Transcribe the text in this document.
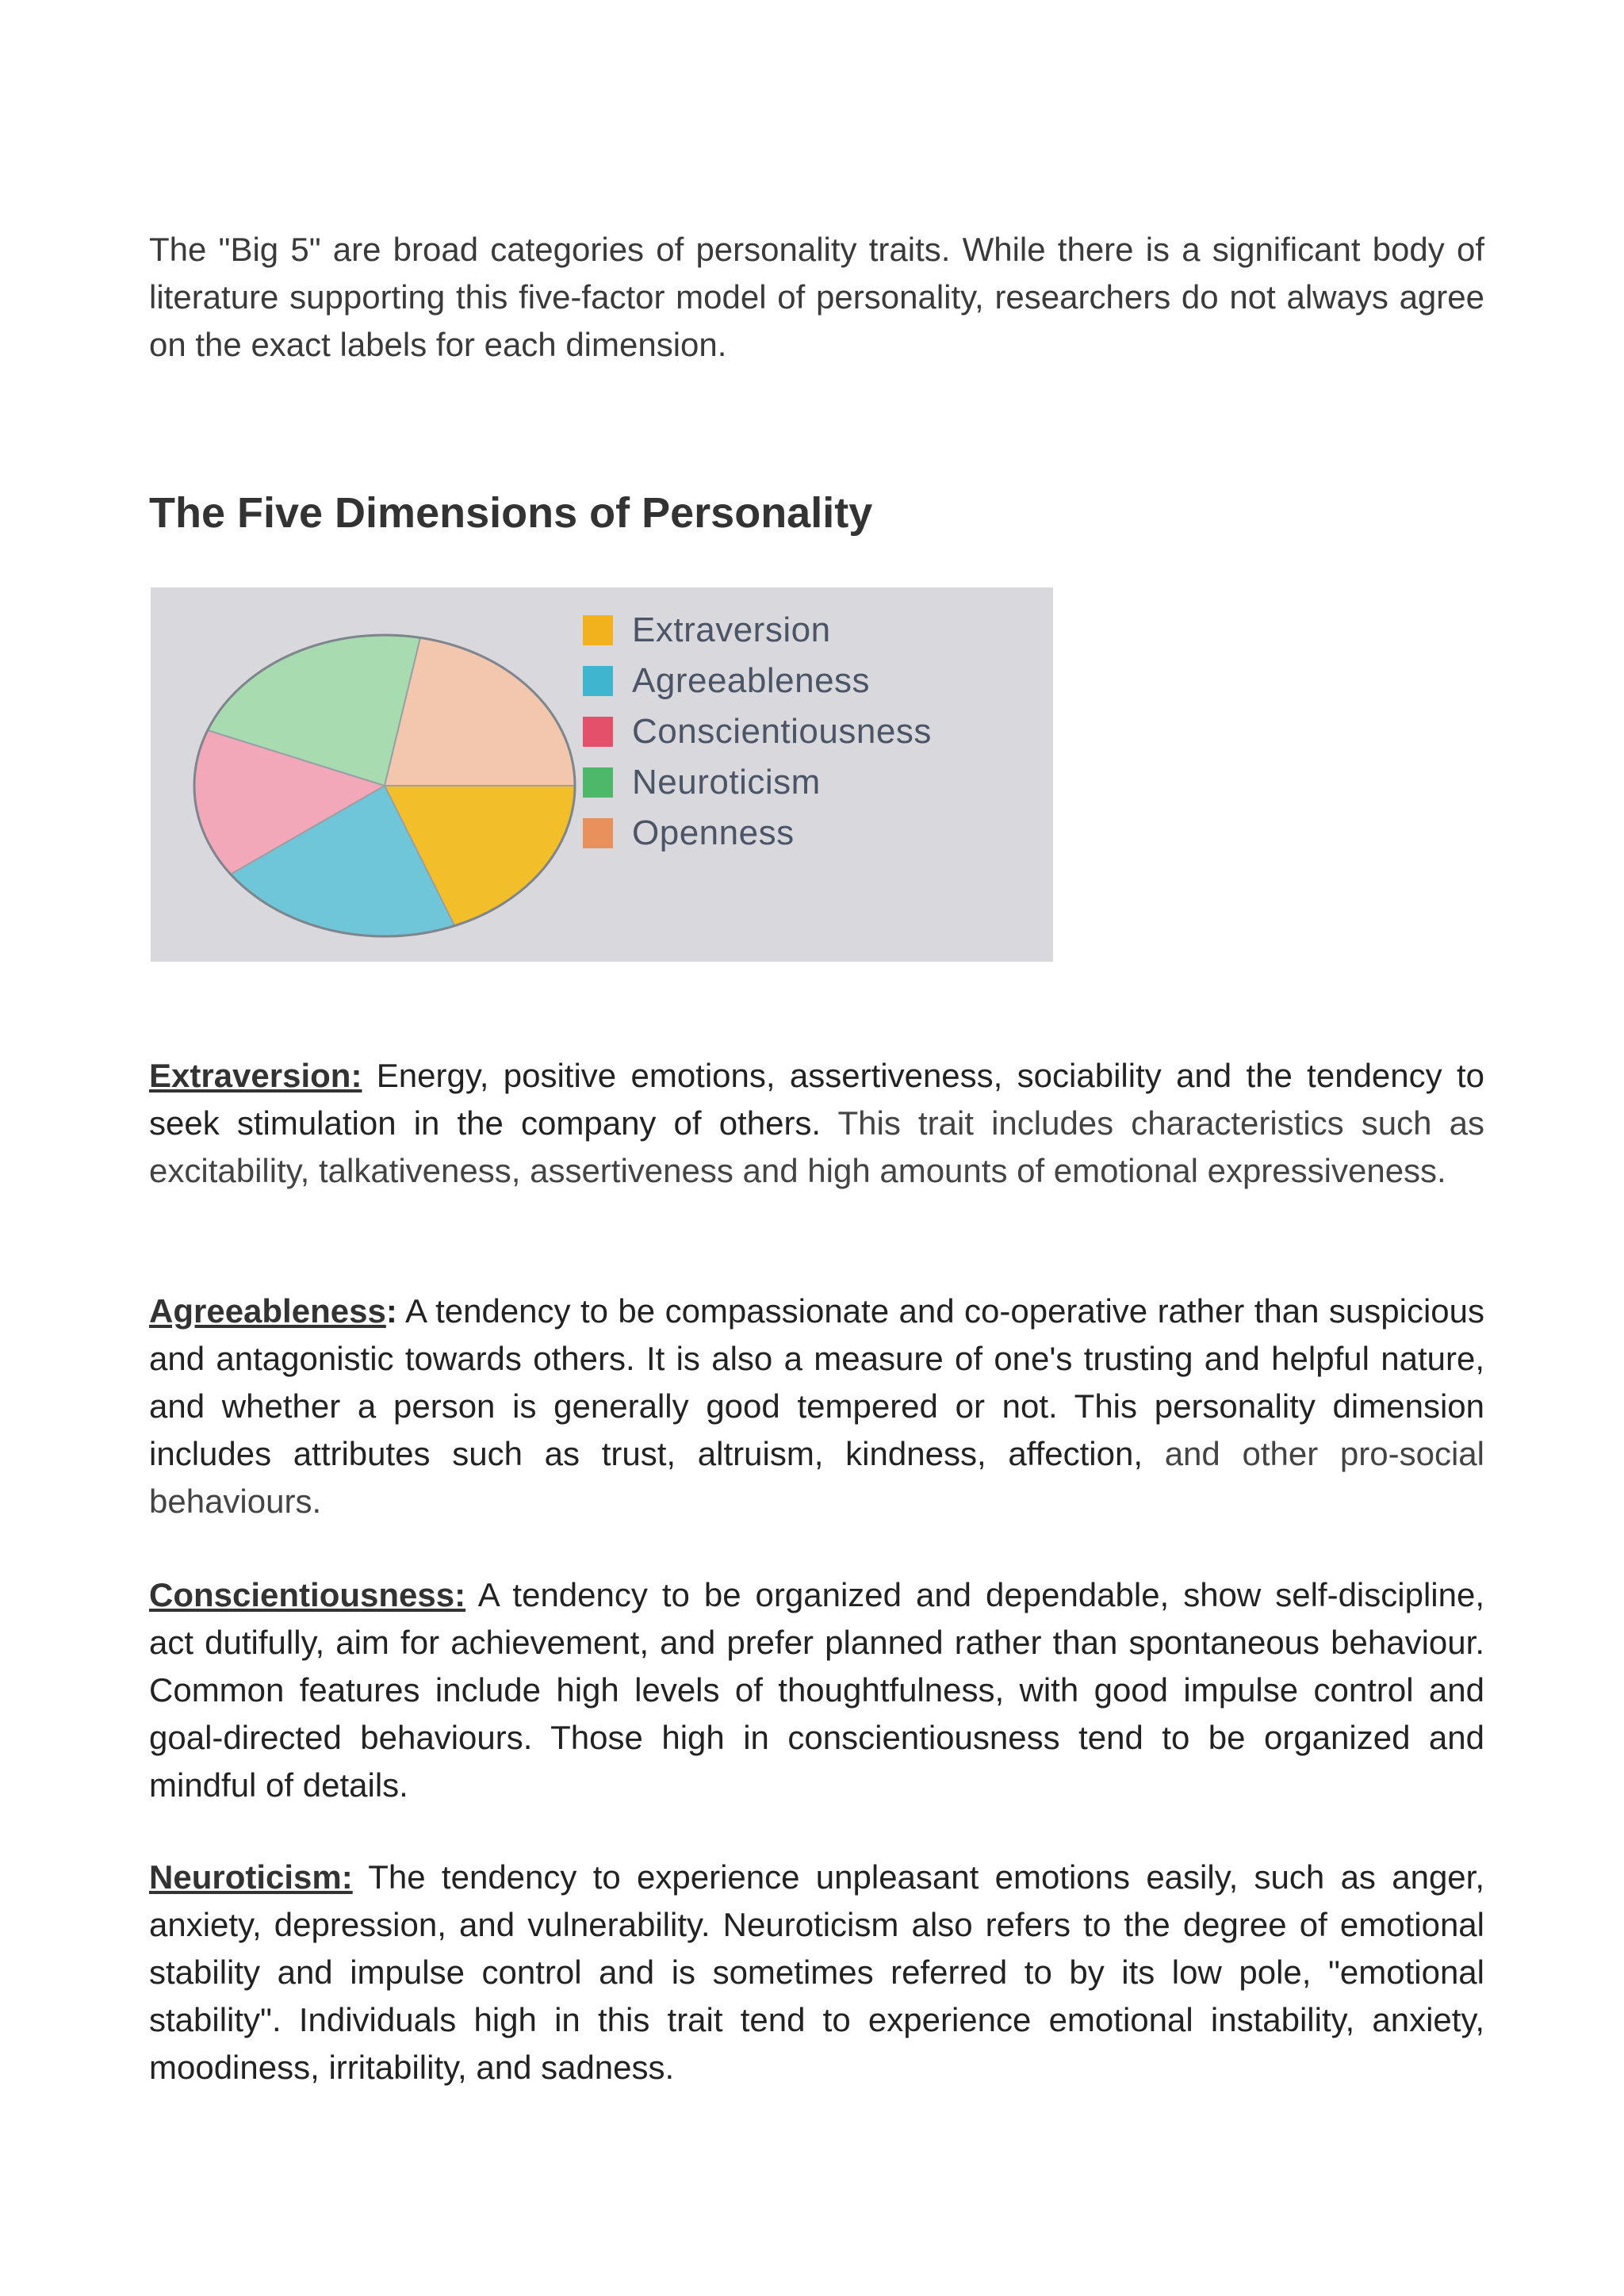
The "Big 5" are broad categories of personality traits. While there is a significant body of literature supporting this five-factor model of personality, researchers do not always agree on the exact labels for each dimension.

The Five Dimensions of Personality
Extraversion
Agreeableness
Conscientiousness
Neuroticism
Openness

Extraversion: Energy, positive emotions, assertiveness, sociability and the tendency to seek stimulation in the company of others. This trait includes characteristics such as excitability, talkativeness, assertiveness and high amounts of emotional expressiveness.

Agreeableness: A tendency to be compassionate and co-operative rather than suspicious and antagonistic towards others. It is also a measure of one's trusting and helpful nature, and whether a person is generally good tempered or not. This personality dimension includes attributes such as trust, altruism, kindness, affection, and other pro-social behaviours.

Conscientiousness: A tendency to be organized and dependable, show self-discipline, act dutifully, aim for achievement, and prefer planned rather than spontaneous behaviour. Common features include high levels of thoughtfulness, with good impulse control and goal-directed behaviours. Those high in conscientiousness tend to be organized and mindful of details.

Neuroticism: The tendency to experience unpleasant emotions easily, such as anger, anxiety, depression, and vulnerability. Neuroticism also refers to the degree of emotional stability and impulse control and is sometimes referred to by its low pole, "emotional stability". Individuals high in this trait tend to experience emotional instability, anxiety, moodiness, irritability, and sadness.
